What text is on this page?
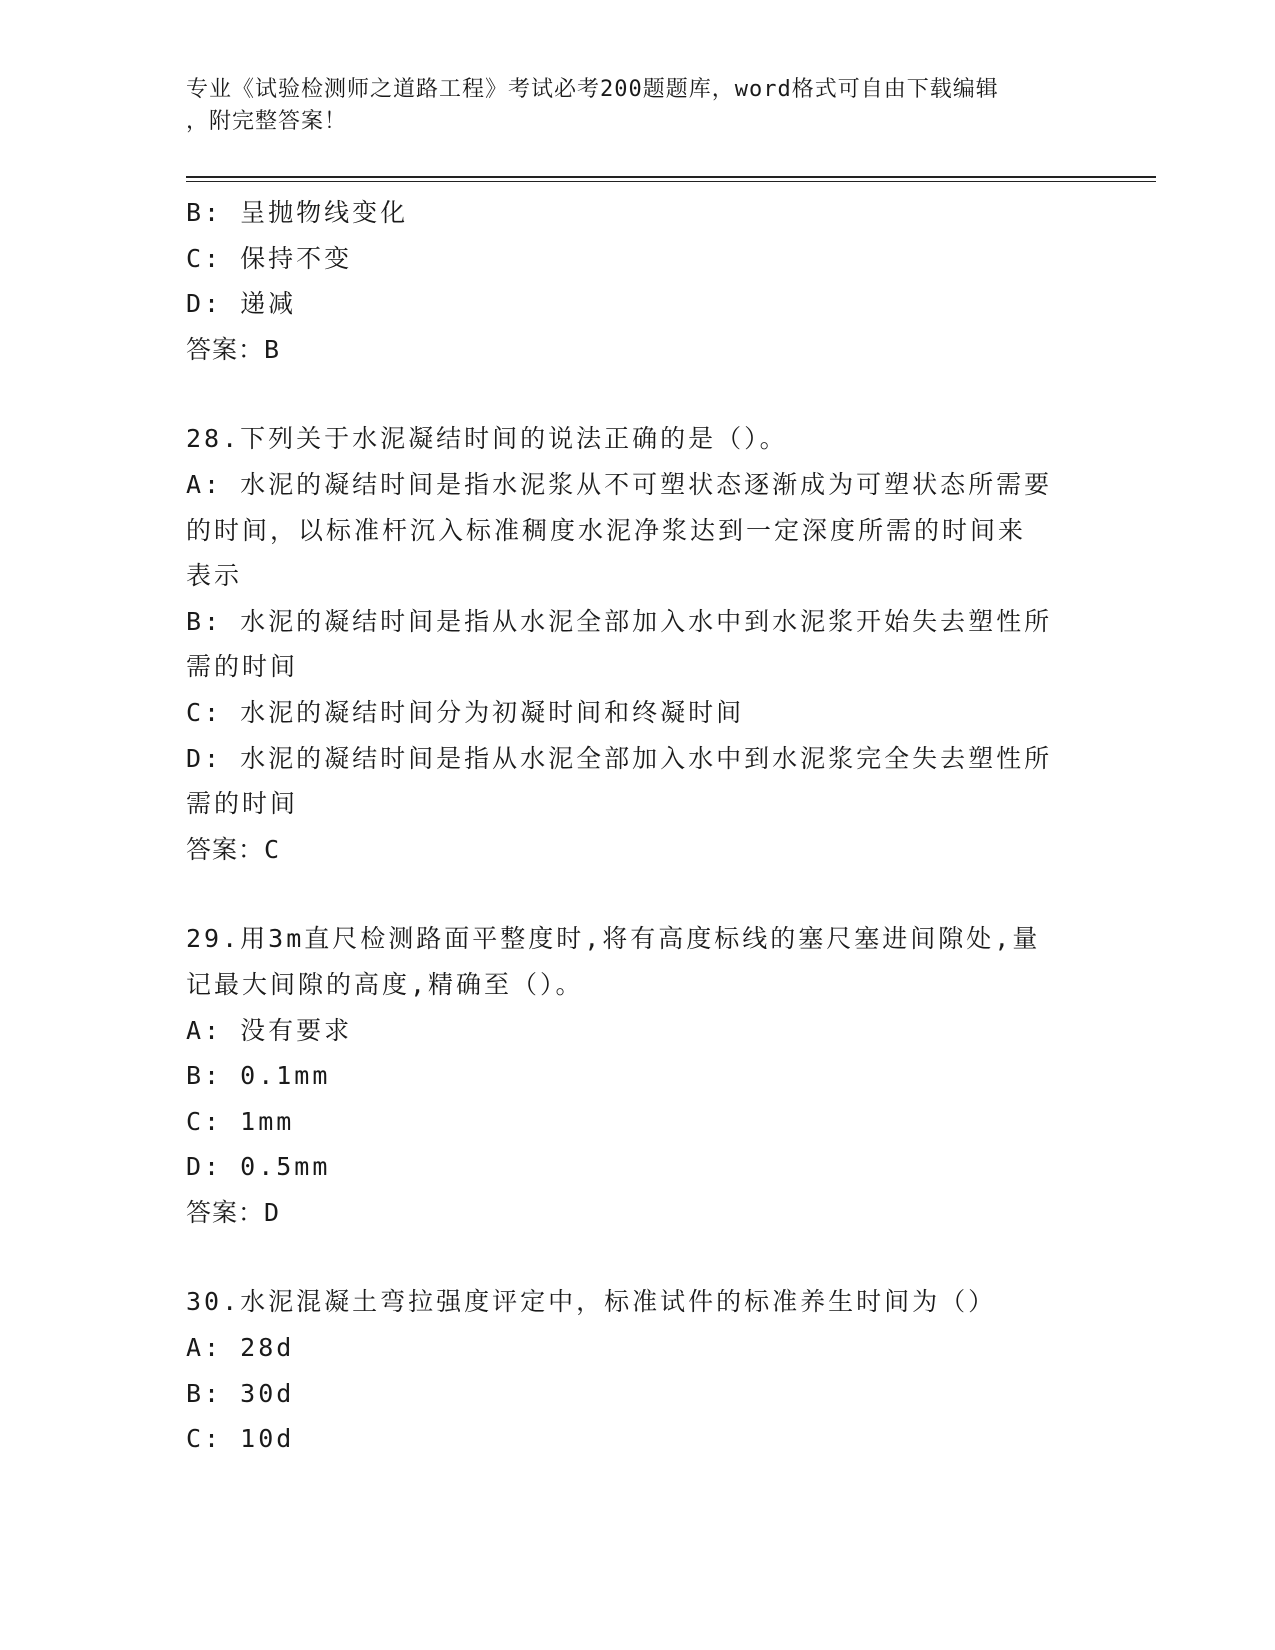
专业《试验检测师之道路工程》考试必考200题题库，word格式可自由下载编辑
，附完整答案！
B: 呈抛物线变化
C: 保持不变
D: 递减
答案：B
28.下列关于水泥凝结时间的说法正确的是（）。
A: 水泥的凝结时间是指水泥浆从不可塑状态逐渐成为可塑状态所需要
的时间，以标准杆沉入标准稠度水泥净浆达到一定深度所需的时间来
表示
B: 水泥的凝结时间是指从水泥全部加入水中到水泥浆开始失去塑性所
需的时间
C: 水泥的凝结时间分为初凝时间和终凝时间
D: 水泥的凝结时间是指从水泥全部加入水中到水泥浆完全失去塑性所
需的时间
答案：C
29.用3m直尺检测路面平整度时,将有高度标线的塞尺塞进间隙处,量
记最大间隙的高度,精确至（）。
A: 没有要求
B: 0.1mm
C: 1mm
D: 0.5mm
答案：D
30.水泥混凝土弯拉强度评定中，标准试件的标准养生时间为（）
A: 28d
B: 30d
C: 10d
